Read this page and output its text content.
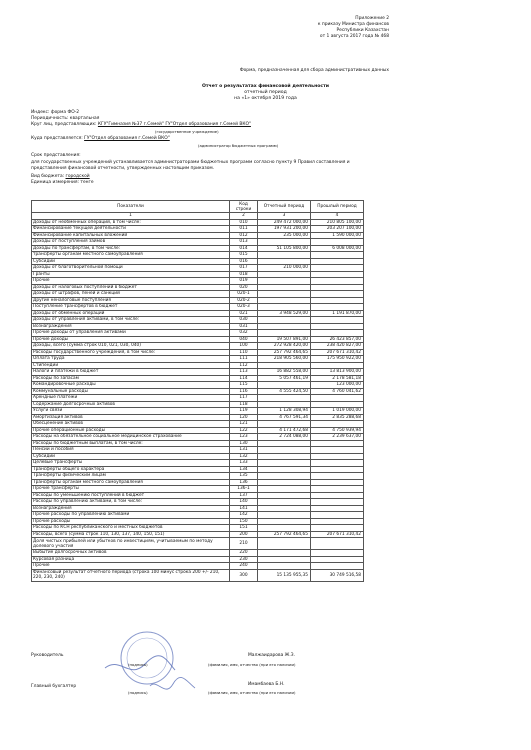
Приложение 2
к приказу Министра финансов
Республики Казахстан
от 1 августа 2017 года № 468
Форма, предназначенная для сбора административных данных
Отчет о результатах финансовой деятельности
отчетный период
на «1» октября 2019 года
Индекс: форма ФО-2
Периодичность: квартальная
Круг лиц, представляющих: КГУ"Гимназия №37 г.Семей" ГУ"Отдел образования г.Семей ВКО"
(государственное учреждение)
Куда представляется: ГУ"Отдел образования г.Семей ВКО"
(администратор бюджетных программ)
Срок представления:
для государственных учреждений устанавливается администраторами бюджетных программ согласно пункту 9 Правил составления и
представления финансовой отчетности, утвержденных настоящим приказом.
Вид бюджета: городской
Единица измерения: тенге
Показатели	Код строки	Отчетный период	Прошлый период
1	2	3	4
Доходы от необменных операций, в том числе:	010	249 472 000,00	210 805 100,00
Финансирование текущей деятельности	011	197 931 200,00	203 207 100,00
Финансирование капитальных вложений	012	235 000,00	1 590 000,00
Доходы от поступления займов	013		
Доходы по трансфертам, в том числе:	014	51 105 800,00	6 008 000,00
трансферты органам местного самоуправления	015		
Субсидии	016		
Доходы от благотворительной помощи	017	210 000,00	
Гранты	018		
Прочие	019		
Доходы от налоговых поступлений в бюджет	020		
Доходы от штрафов, пеней и санкций	020-1		
Другие неналоговые поступления	020-2		
Поступление трансфертов в бюджет	020-3		
Доходы от обменных операций	021	3 948 529,00	1 191 870,00
Доходы от управления активами, в том числе:	030		
Вознаграждения	031		
Прочие доходы от управления активами	032		
Прочие доходы	040	19 507 891,00	26 423 857,00
Доходы, всего (сумма строк 010, 021, 030, 040)	100	272 928 420,00	238 420 827,00
Расходы государственного учреждения, в том числе:	110	257 792 464,65	207 671 310,42
Оплата труда	111	218 905 560,00	175 950 922,00
Стипендии	112		
Налоги и платежи в бюджет	113	16 882 558,00	13 813 900,00
Расходы по запасам	114	5 057 461,19	2 178 581,18
Командировочные расходы	115		123 000,00
Коммунальные расходы	116	4 555 424,50	4 760 041,62
Арендные платежи	117		
Содержание долгосрочных активов	118		
Услуги связи	119	1 128 308,94	1 019 000,00
Амортизация активов	120	4 767 591,34	2 835 288,68
Обесценение активов	121		
Прочие операционные расходы	122	4 171 472,68	4 750 939,94
Расходы на обязательное социальное медицинское страхование	123	2 724 088,00	2 239 637,00
Расходы по бюджетным выплатам, в том числе:	130		
Пенсии и пособия	131		
Субсидии	132		
Целевые трансферты	133		
Трансферты общего характера	134		
Трансферты физическим лицам	135		
Трансферты органам местного самоуправления	136		
Прочие трансферты	136-1		
Расходы по уменьшению поступлений в бюджет	137		
Расходы по управлению активами, в том числе:	140		
Вознаграждения	141		
Прочие расходы по управлению активами	142		
Прочие расходы	150		
Расходы по КСН республиканского и местных бюджетов	151		
Расходы, всего (сумма строк 110, 130, 137, 140, 150, 151)	200	257 792 464,65	207 671 310,42
Доля чистых прибылей или убытков по инвестициям, учитываемым по методу долевого участия	210		
Выбытие долгосрочных активов	220		
Курсовая разница	230		
Прочие	240		
Финансовый результат отчетного периода (строка 100 минус строка 200 +/- 210, 220, 230, 240)	300	15 135 955,35	30 749 516,58
Руководитель	Малжаидарова Ж.З.
(фамилия, имя, отчество (при его наличии)
(подпись)
Главный бухгалтер	Имамбаева Б.Н.
(фамилия, имя, отчество (при его наличии)
(подпись)
